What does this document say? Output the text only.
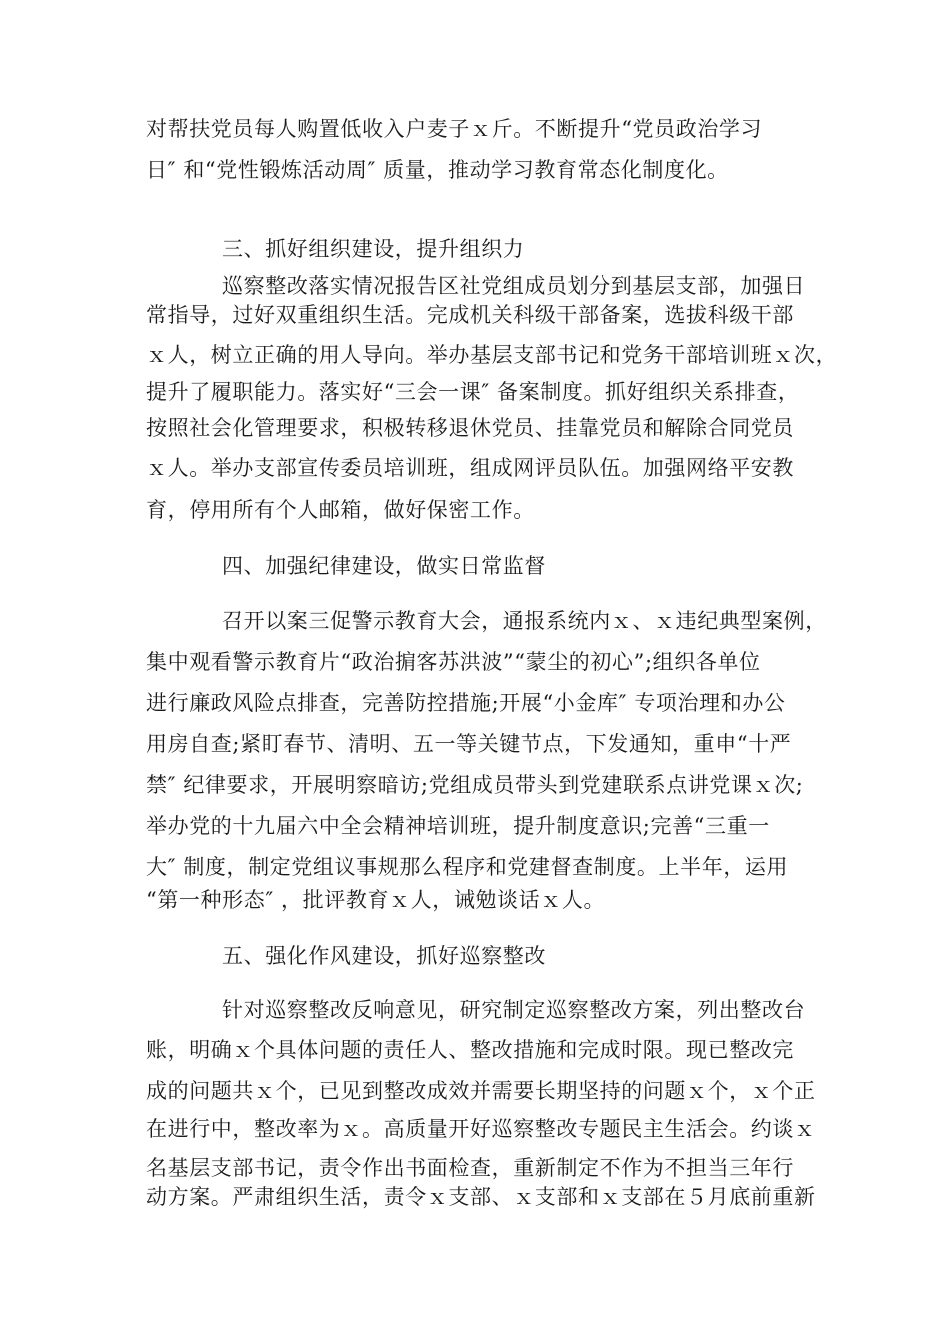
对帮扶党员每人购置低收入户麦子ｘ斤。不断提升“党员政治学习
日″ 和“党性锻炼活动周″ 质量，推动学习教育常态化制度化。
三、抓好组织建设，提升组织力
巡察整改落实情况报告区社党组成员划分到基层支部，加强日
常指导，过好双重组织生活。完成机关科级干部备案，选拔科级干部
ｘ人，树立正确的用人导向。举办基层支部书记和党务干部培训班ｘ次，
提升了履职能力。落实好“三会一课″ 备案制度。抓好组织关系排查，
按照社会化管理要求，积极转移退休党员、挂靠党员和解除合同党员
ｘ人。举办支部宣传委员培训班，组成网评员队伍。加强网络平安教
育，停用所有个人邮箱，做好保密工作。
四、加强纪律建设，做实日常监督
召开以案三促警示教育大会，通报系统内ｘ、ｘ违纪典型案例，
集中观看警示教育片“政治掮客苏洪波”“蒙尘的初心”;组织各单位
进行廉政风险点排查，完善防控措施;开展“小金库″ 专项治理和办公
用房自查;紧盯春节、清明、五一等关键节点，下发通知，重申“十严
禁″ 纪律要求，开展明察暗访;党组成员带头到党建联系点讲党课ｘ次;
举办党的十九届六中全会精神培训班，提升制度意识;完善“三重一
大″ 制度，制定党组议事规那么程序和党建督查制度。上半年，运用
“第一种形态″ ，批评教育ｘ人，诫勉谈话ｘ人。
五、强化作风建设，抓好巡察整改
针对巡察整改反响意见，研究制定巡察整改方案，列出整改台
账，明确ｘ个具体问题的责任人、整改措施和完成时限。现已整改完
成的问题共ｘ个，已见到整改成效并需要长期坚持的问题ｘ个，ｘ个正
在进行中，整改率为ｘ。高质量开好巡察整改专题民主生活会。约谈ｘ
名基层支部书记，责令作出书面检查，重新制定不作为不担当三年行
动方案。严肃组织生活，责令ｘ支部、ｘ支部和ｘ支部在５月底前重新
